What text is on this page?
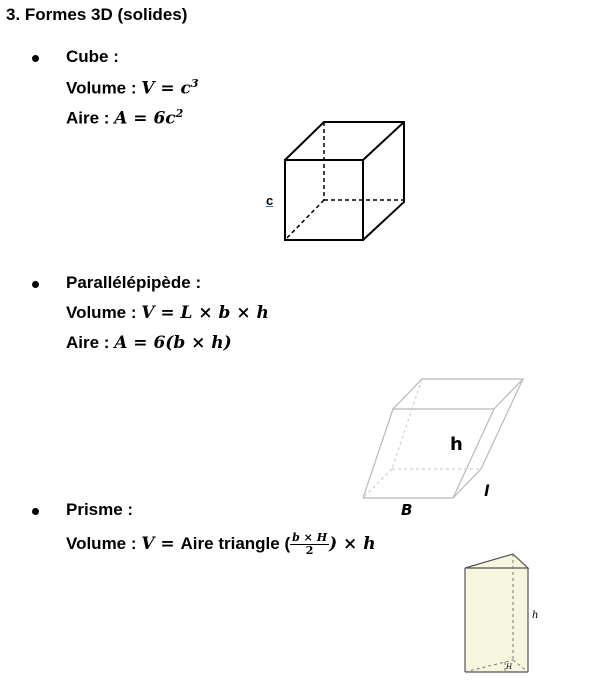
3. Formes 3D (solides)
Cube :
Volume : $V = c^3$
Aire : $A = 6c^2$
c
Parallélépipède :
Volume : V = L × b × h
Aire : A = 6(b × h)
h
l
B
Prisme :
Volume : V = Aire triangle ( $\frac{b \times H}{2}$ ) × h
h
H
